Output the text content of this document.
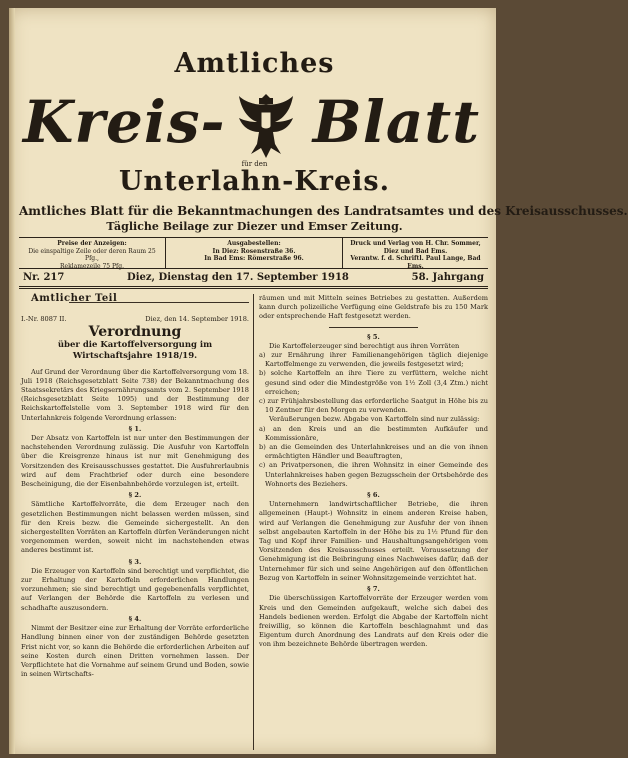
Amtliches
Kreis- Blatt
für den
Unterlahn-Kreis.
Amtliches Blatt für die Bekanntmachungen des Landratsamtes und des Kreisausschusses.
Tägliche Beilage zur Diezer und Emser Zeitung.
Preise der Anzeigen:
Die einspaltige Zeile oder deren Raum 25 Pfg.,
Reklamezeile 75 Pfg.
Ausgabestellen:
In Diez: Rosenstraße 36.
In Bad Ems: Römerstraße 96.
Druck und Verlag von H. Chr. Sommer,
Diez und Bad Ems.
Verantw. f. d. Schriftl. Paul Lange, Bad Ems.
Nr. 217	Diez, Dienstag den 17. September 1918	58. Jahrgang
Amtlicher Teil
I.-Nr. 8087 II.	Diez, den 14. September 1918.
Verordnung
über die Kartoffelversorgung im Wirtschaftsjahre 1918/19.

Auf Grund der Verordnung über die Kartoffelversorgung vom 18. Juli 1918 (Reichsgesetzblatt Seite 738) der Bekanntmachung des Staatssekretärs des Kriegsernährungsamts vom 2. September 1918 (Reichsgesetzblatt Seite 1095) und der Bestimmung der Reichskartoffelstelle vom 3. September 1918 wird für den Unterlahnkreis folgende Verordnung erlassen:

§ 1.

Der Absatz von Kartoffeln ist nur unter den Bestimmungen der nachstehenden Verordnung zulässig. Die Ausfuhr von Kartoffeln über die Kreisgrenze hinaus ist nur mit Genehmigung des Vorsitzenden des Kreisausschusses gestattet. Die Ausfuhrerlaubnis wird auf dem Frachtbrief oder durch eine besondere Bescheinigung, die der Eisenbahnbehörde vorzulegen ist, erteilt.

§ 2.

Sämtliche Kartoffelvorräte, die dem Erzeuger nach den gesetzlichen Bestimmungen nicht belassen werden müssen, sind für den Kreis bezw. die Gemeinde sichergestellt. An den sichergestellten Vorräten an Kartoffeln dürfen Veränderungen nicht vorgenommen werden, soweit nicht im nachstehenden etwas anderes bestimmt ist.

§ 3.

Die Erzeuger von Kartoffeln sind berechtigt und verpflichtet, die zur Erhaltung der Kartoffeln erforderlichen Handlungen vorzunehmen; sie sind berechtigt und gegebenenfalls verpflichtet, auf Verlangen der Behörde die Kartoffeln zu verlesen und schadhafte auszusondern.

§ 4.

Nimmt der Besitzer eine zur Erhaltung der Vorräte erforderliche Handlung binnen einer von der zuständigen Behörde gesetzten Frist nicht vor, so kann die Behörde die erforderlichen Arbeiten auf seine Kosten durch einen Dritten vornehmen lassen. Der Verpflichtete hat die Vornahme auf seinem Grund und Boden, sowie in seinen Wirtschafts-

räumen und mit Mitteln seines Betriebes zu gestatten. Außerdem kann durch polizeiliche Verfügung eine Geldstrafe bis zu 150 Mark oder entsprechende Haft festgesetzt werden.

§ 5.

Die Kartoffelerzeuger sind berechtigt aus ihren Vorräten

a) zur Ernährung ihrer Familienangehörigen täglich diejenige Kartoffelmenge zu verwenden, die jeweils festgesetzt wird;

b) solche Kartoffeln an ihre Tiere zu verfüttern, welche nicht gesund sind oder die Mindestgröße von 1½ Zoll (3,4 Ztm.) nicht erreichen;

c) zur Frühjahrsbestellung das erforderliche Saatgut in Höhe bis zu 10 Zentner für den Morgen zu verwenden.

Veräußerungen bezw. Abgabe von Kartoffeln sind nur zulässig:

a) an den Kreis und an die bestimmten Aufkäufer und Kommissionäre,

b) an die Gemeinden des Unterlahnkreises und an die von ihnen ermächtigten Händler und Beauftragten,

c) an Privatpersonen, die ihren Wohnsitz in einer Gemeinde des Unterlahnkreises haben gegen Bezugsschein der Ortsbehörde des Wohnorts des Beziehers.

§ 6.

Unternehmern landwirtschaftlicher Betriebe, die ihren allgemeinen (Haupt-) Wohnsitz in einem anderen Kreise haben, wird auf Verlangen die Genehmigung zur Ausfuhr der von ihnen selbst angebauten Kartoffeln in der Höhe bis zu 1½ Pfund für den Tag und Kopf ihrer Familien- und Haushaltungsangehörigen vom Vorsitzenden des Kreisausschusses erteilt. Voraussetzung der Genehmigung ist die Beibringung eines Nachweises dafür, daß der Unternehmer für sich und seine Angehörigen auf den öffentlichen Bezug von Kartoffeln in seiner Wohnsitzgemeinde verzichtet hat.

§ 7.

Die überschüssigen Kartoffelvorräte der Erzeuger werden vom Kreis und den Gemeinden aufgekauft, welche sich dabei des Handels bedienen werden. Erfolgt die Abgabe der Kartoffeln nicht freiwillig, so können die Kartoffeln beschlagnahmt und das Eigentum durch Anordnung des Landrats auf den Kreis oder die von ihm bezeichnete Behörde übertragen werden.
